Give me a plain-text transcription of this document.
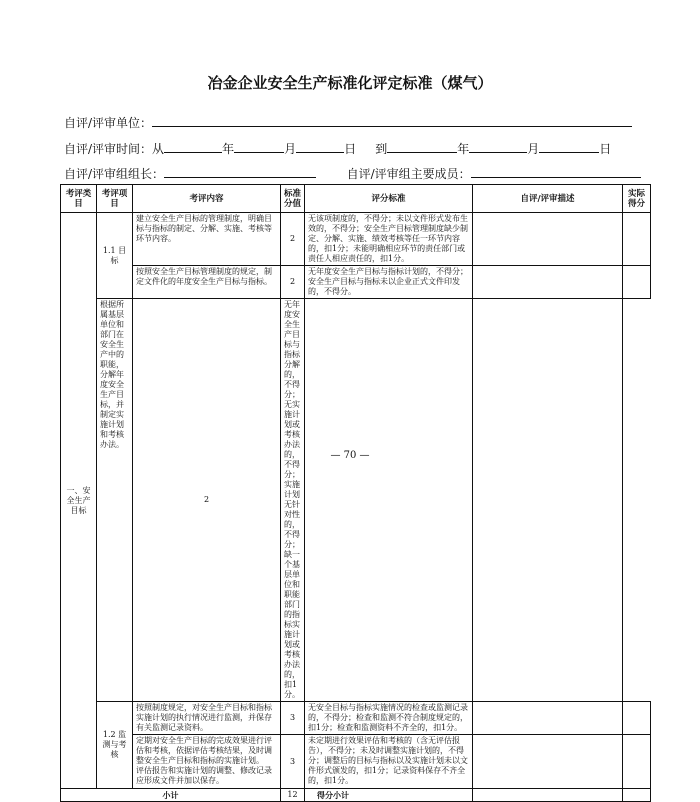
冶金企业安全生产标准化评定标准（煤气）
自评/评审单位：
自评/评审时间：从	年	月	日 到	年	月	日
自评/评审组组长：	自评/评审组主要成员：
考评类目	考评项目	考评内容	标准分值	评分标准	自评/评审描述	实际得分
一、安全生产目标	1.1 目标	建立安全生产目标的管理制度，明确目标与指标的制定、分解、实施、考核等环节内容。	2	无该项制度的，不得分；未以文件形式发布生效的，不得分；安全生产目标管理制度缺少制定、分解、实施、绩效考核等任一环节内容的，扣1分；未能明确相应环节的责任部门或责任人相应责任的，扣1分。		
		按照安全生产目标管理制度的规定，制定文件化的年度安全生产目标与指标。	2	无年度安全生产目标与指标计划的，不得分；安全生产目标与指标未以企业正式文件印发的，不得分。		
	根据所属基层单位和部门在安全生产中的职能，分解年度安全生产目标，并制定实施计划和考核办法。	2	无年度安全生产目标与指标分解的，不得分；无实施计划或考核办法的，不得分；实施计划无针对性的，不得分；缺一个基层单位和职能部门的指标实施计划或考核办法的，扣1分。			
	1.2 监测与考核	按照制度规定，对安全生产目标和指标实施计划的执行情况进行监测，并保存有关监测记录资料。	3	无安全目标与指标实施情况的检查或监测记录的，不得分；检查和监测不符合制度规定的，扣1分；检查和监测资料不齐全的，扣1分。		
		定期对安全生产目标的完成效果进行评估和考核，依据评估考核结果，及时调整安全生产目标和指标的实施计划。
评估报告和实施计划的调整、修改记录应形成文件并加以保存。	3	未定期进行效果评估和考核的（含无评估报告），不得分；未及时调整实施计划的，不得分；调整后的目标与指标以及实施计划未以文件形式颁发的，扣1分；记录资料保存不齐全的，扣1分。		
小计			12	得分小计		
— 70 —
